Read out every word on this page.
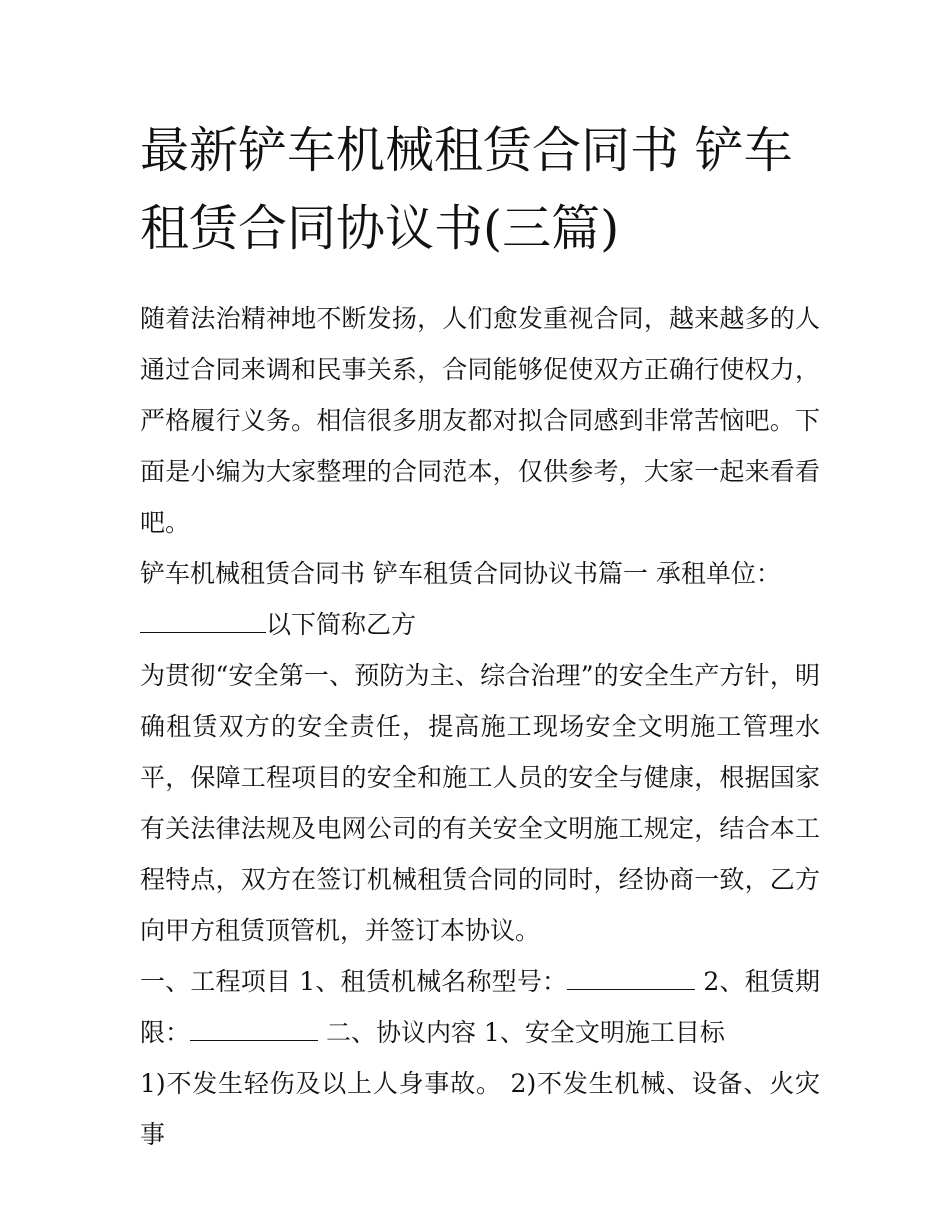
最新铲车机械租赁合同书 铲车租赁合同协议书(三篇)

随着法治精神地不断发扬，人们愈发重视合同，越来越多的人通过合同来调和民事关系，合同能够促使双方正确行使权力，严格履行义务。相信很多朋友都对拟合同感到非常苦恼吧。下面是小编为大家整理的合同范本，仅供参考，大家一起来看看吧。

铲车机械租赁合同书 铲车租赁合同协议书篇一 承租单位：
以下简称乙方

为贯彻“安全第一、预防为主、综合治理”的安全生产方针，明确租赁双方的安全责任，提高施工现场安全文明施工管理水平，保障工程项目的安全和施工人员的安全与健康，根据国家有关法律法规及电网公司的有关安全文明施工规定，结合本工程特点，双方在签订机械租赁合同的同时，经协商一致，乙方向甲方租赁顶管机，并签订本协议。

一、工程项目 1、租赁机械名称型号：	2、租赁期限：	二、协议内容 1、安全文明施工目标

1)不发生轻伤及以上人身事故。 2)不发生机械、设备、火灾事
